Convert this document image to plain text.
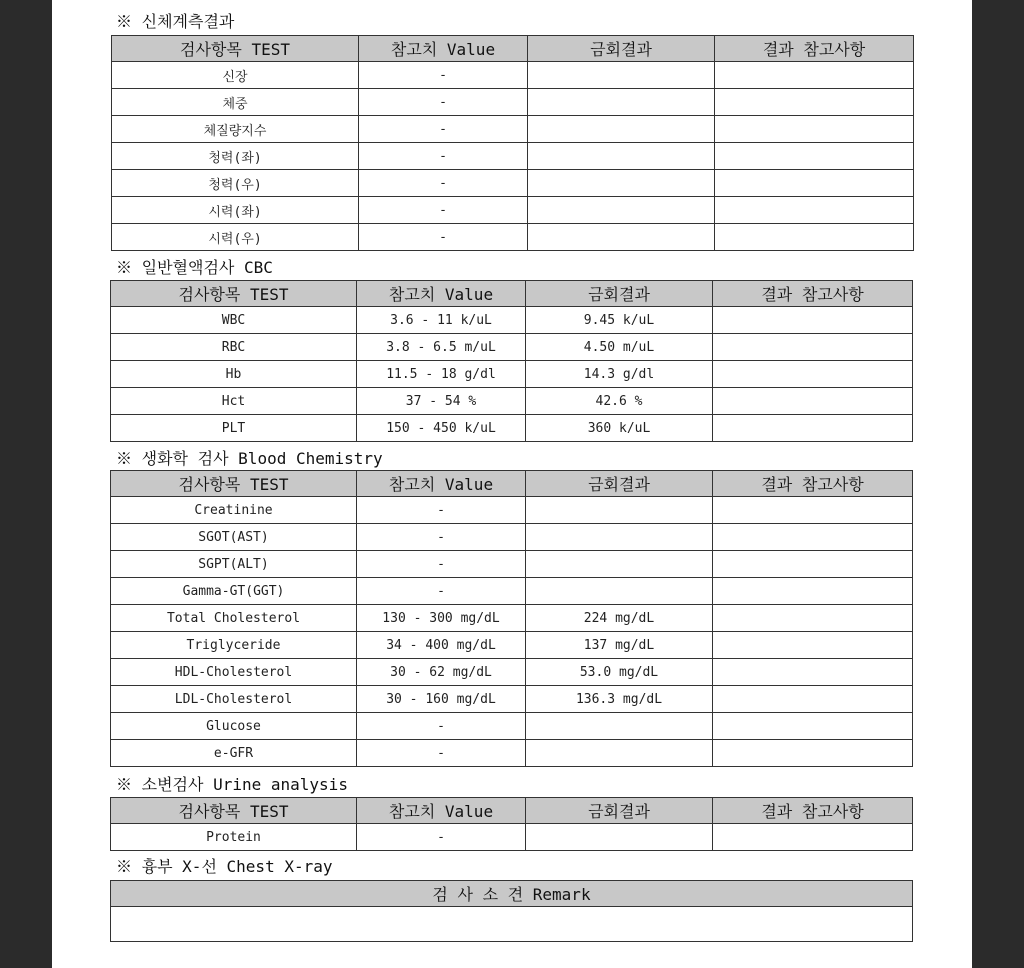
※ 신체계측결과
검사항목 TEST	참고치 Value	금회결과	결과 참고사항
신장	-		
체중	-		
체질량지수	-		
청력(좌)	-		
청력(우)	-		
시력(좌)	-		
시력(우)	-		
※ 일반혈액검사 CBC
검사항목 TEST	참고치 Value	금회결과	결과 참고사항
WBC	3.6 - 11 k/uL	9.45 k/uL	
RBC	3.8 - 6.5 m/uL	4.50 m/uL	
Hb	11.5 - 18 g/dl	14.3 g/dl	
Hct	37 - 54 %	42.6 %	
PLT	150 - 450 k/uL	360 k/uL	
※ 생화학 검사 Blood Chemistry
검사항목 TEST	참고치 Value	금회결과	결과 참고사항
Creatinine	-		
SGOT(AST)	-		
SGPT(ALT)	-		
Gamma-GT(GGT)	-		
Total Cholesterol	130 - 300 mg/dL	224 mg/dL	
Triglyceride	34 - 400 mg/dL	137 mg/dL	
HDL-Cholesterol	30 - 62 mg/dL	53.0 mg/dL	
LDL-Cholesterol	30 - 160 mg/dL	136.3 mg/dL	
Glucose	-		
e-GFR	-		
※ 소변검사 Urine analysis
검사항목 TEST	참고치 Value	금회결과	결과 참고사항
Protein	-		
※ 흉부 X-선 Chest X-ray
검 사 소 견 Remark
